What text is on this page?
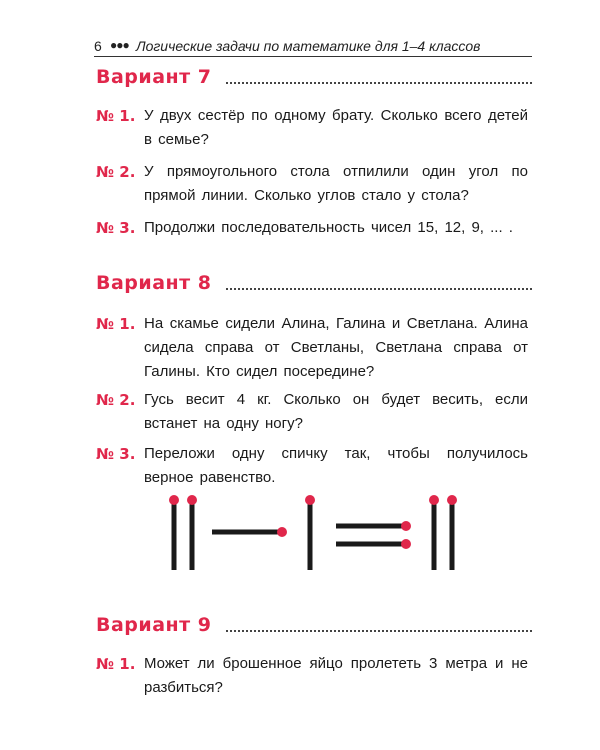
6 ●●● Логические задачи по математике для 1–4 классов
Вариант 7
№ 1. У двух сестёр по одному брату. Сколько всего детей в семье?
№ 2. У прямоугольного стола отпилили один угол по прямой линии. Сколько углов стало у стола?
№ 3. Продолжи последовательность чисел 15, 12, 9, ... .
Вариант 8
№ 1. На скамье сидели Алина, Галина и Светлана. Алина сидела справа от Светланы, Светлана справа от Галины. Кто сидел посередине?
№ 2. Гусь весит 4 кг. Сколько он будет весить, если встанет на одну ногу?
№ 3. Переложи одну спичку так, чтобы получилось верное равенство.
Вариант 9
№ 1. Может ли брошенное яйцо пролететь 3 метра и не разбиться?
